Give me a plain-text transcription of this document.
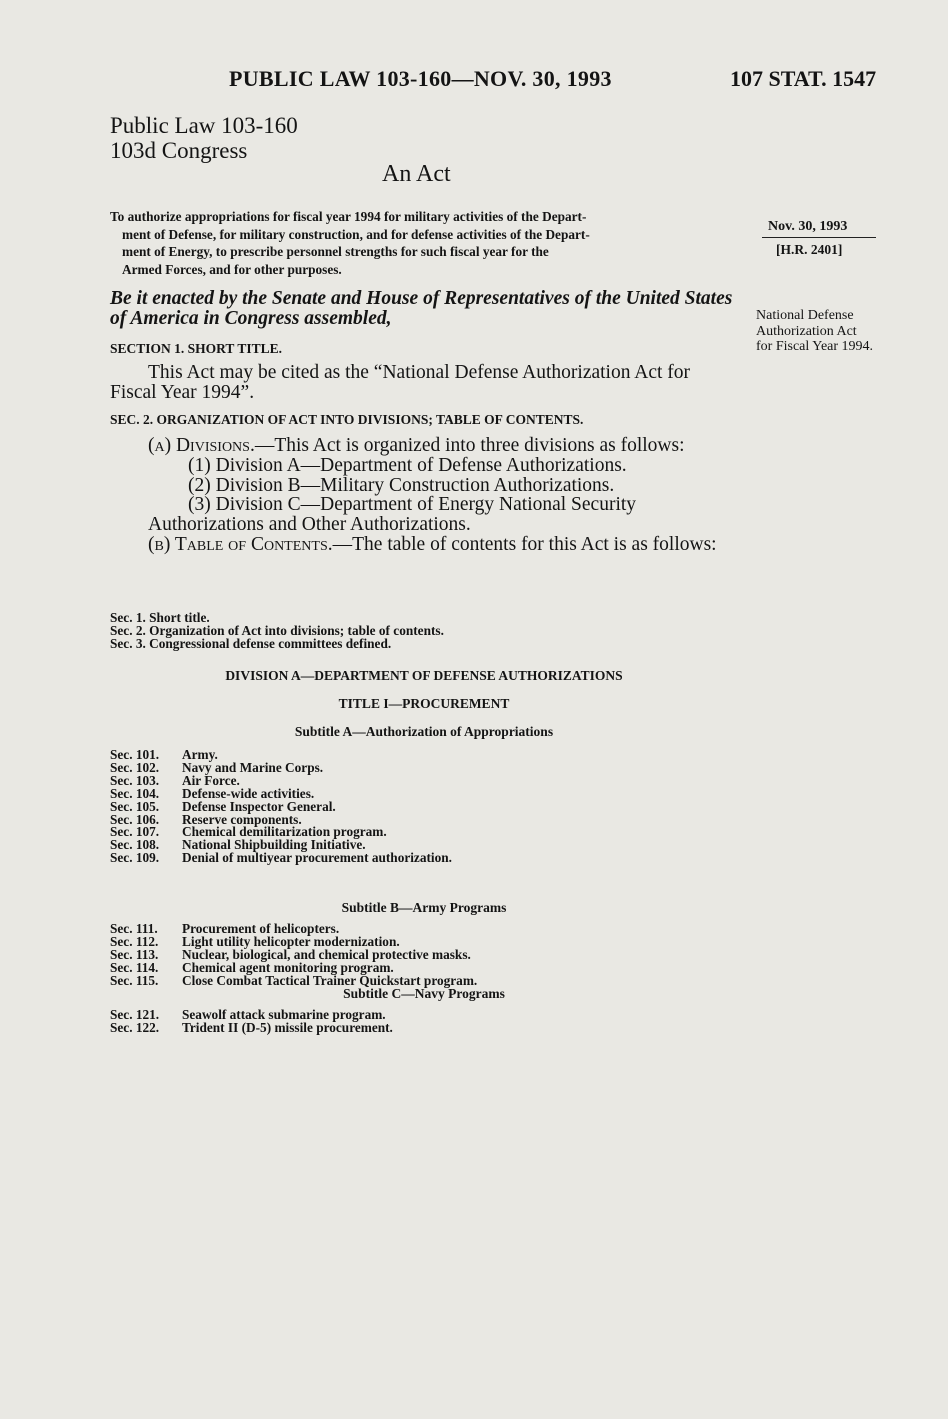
PUBLIC LAW 103-160—NOV. 30, 1993	107 STAT. 1547
Public Law 103-160
103d Congress
An Act
To authorize appropriations for fiscal year 1994 for military activities of the Depart-
ment of Defense, for military construction, and for defense activities of the Depart-
ment of Energy, to prescribe personnel strengths for such fiscal year for the
Armed Forces, and for other purposes.
Nov. 30, 1993
[H.R. 2401]
Be it enacted by the Senate and House of Representatives of the United States of America in Congress assembled,	National Defense Authorization Act for Fiscal Year 1994.
SECTION 1. SHORT TITLE.
This Act may be cited as the “National Defense Authorization Act for Fiscal Year 1994”.
SEC. 2. ORGANIZATION OF ACT INTO DIVISIONS; TABLE OF CONTENTS.
(a) Divisions.—This Act is organized into three divisions as follows:
(1) Division A—Department of Defense Authorizations.
(2) Division B—Military Construction Authorizations.
(3) Division C—Department of Energy National Security Authorizations and Other Authorizations.
(b) Table of Contents.—The table of contents for this Act is as follows:
Sec. 1. Short title.
Sec. 2. Organization of Act into divisions; table of contents.
Sec. 3. Congressional defense committees defined.
DIVISION A—DEPARTMENT OF DEFENSE AUTHORIZATIONS
TITLE I—PROCUREMENT
Subtitle A—Authorization of Appropriations
Sec. 101. Army.
Sec. 102. Navy and Marine Corps.
Sec. 103. Air Force.
Sec. 104. Defense-wide activities.
Sec. 105. Defense Inspector General.
Sec. 106. Reserve components.
Sec. 107. Chemical demilitarization program.
Sec. 108. National Shipbuilding Initiative.
Sec. 109. Denial of multiyear procurement authorization.
Subtitle B—Army Programs
Sec. 111. Procurement of helicopters.
Sec. 112. Light utility helicopter modernization.
Sec. 113. Nuclear, biological, and chemical protective masks.
Sec. 114. Chemical agent monitoring program.
Sec. 115. Close Combat Tactical Trainer Quickstart program.
Subtitle C—Navy Programs
Sec. 121. Seawolf attack submarine program.
Sec. 122. Trident II (D-5) missile procurement.
